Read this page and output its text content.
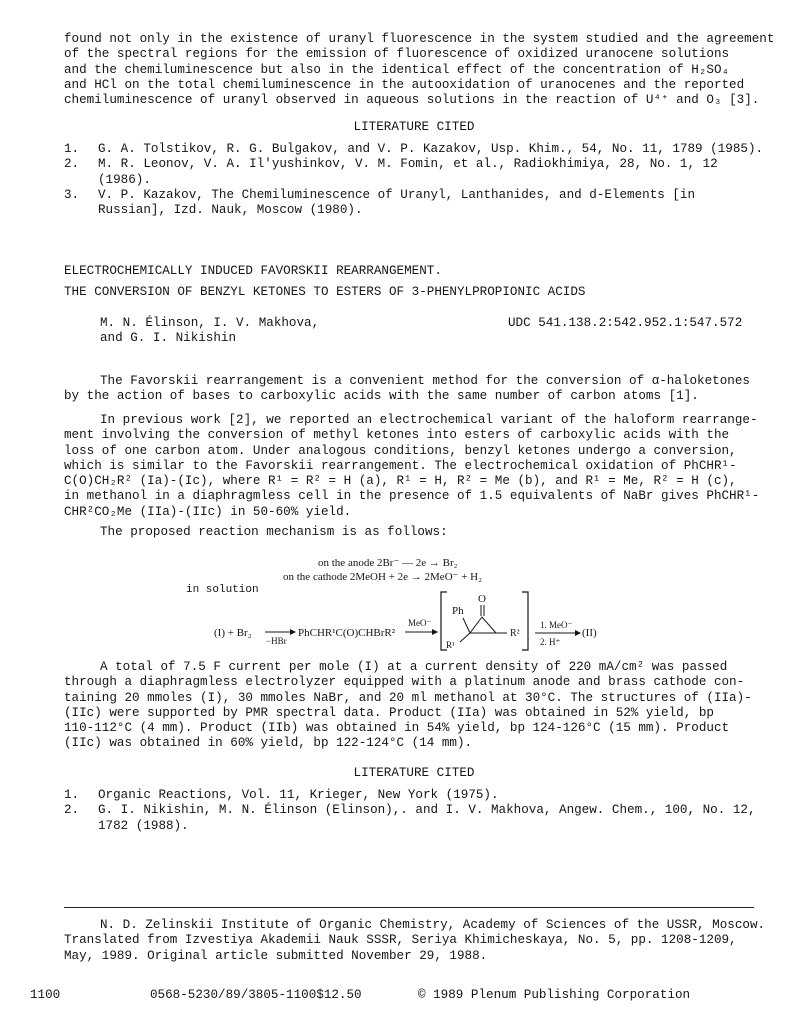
found not only in the existence of uranyl fluorescence in the system studied and the agreement

of the spectral regions for the emission of fluorescence of oxidized uranocene solutions

and the chemiluminescence but also in the identical effect of the concentration of H₂SO₄

and HCl on the total chemiluminescence in the autooxidation of uranocenes and the reported

chemiluminescence of uranyl observed in aqueous solutions in the reaction of U⁴⁺ and O₃ [3].

LITERATURE CITED
1. G. A. Tolstikov, R. G. Bulgakov, and V. P. Kazakov, Usp. Khim., 54, No. 11, 1789 (1985).
2. M. R. Leonov, V. A. Il'yushinkov, V. M. Fomin, et al., Radiokhimiya, 28, No. 1, 12 (1986).
3. V. P. Kazakov, The Chemiluminescence of Uranyl, Lanthanides, and d-Elements [in Russian], Izd. Nauk, Moscow (1980).

ELECTROCHEMICALLY INDUCED FAVORSKII REARRANGEMENT.

THE CONVERSION OF BENZYL KETONES TO ESTERS OF 3-PHENYLPROPIONIC ACIDS

M. N. Élinson, I. V. Makhova,

and G. I. Nikishin

UDC 541.138.2:542.952.1:547.572

The Favorskii rearrangement is a convenient method for the conversion of α-haloketones

by the action of bases to carboxylic acids with the same number of carbon atoms [1].

In previous work [2], we reported an electrochemical variant of the haloform rearrange-

ment involving the conversion of methyl ketones into esters of carboxylic acids with the

loss of one carbon atom. Under analogous conditions, benzyl ketones undergo a conversion,

which is similar to the Favorskii rearrangement. The electrochemical oxidation of PhCHR¹-

C(O)CH₂R² (Ia)-(Ic), where R¹ = R² = H (a), R¹ = H, R² = Me (b), and R¹ = Me, R² = H (c),

in methanol in a diaphragmless cell in the presence of 1.5 equivalents of NaBr gives PhCHR¹-

CHR²CO₂Me (IIa)-(IIc) in 50-60% yield.

The proposed reaction mechanism is as follows:

on the anode 2Br⁻ — 2e → Br₂
on the cathode 2MeOH + 2e → 2MeO⁻ + H₂
in solution
(I) + Br₂
−HBr
PhCHR¹C(O)CHBrR²
MeO⁻
Ph
O
R¹
R²
1. MeO⁻
2. H⁺
(II)

A total of 7.5 F current per mole (I) at a current density of 220 mA/cm² was passed

through a diaphragmless electrolyzer equipped with a platinum anode and brass cathode con-

taining 20 mmoles (I), 30 mmoles NaBr, and 20 ml methanol at 30°C. The structures of (IIa)-

(IIc) were supported by PMR spectral data. Product (IIa) was obtained in 52% yield, bp

110-112°C (4 mm). Product (IIb) was obtained in 54% yield, bp 124-126°C (15 mm). Product

(IIc) was obtained in 60% yield, bp 122-124°C (14 mm).

LITERATURE CITED
1. Organic Reactions, Vol. 11, Krieger, New York (1975).
2. G. I. Nikishin, M. N. Élinson (Elinson),. and I. V. Makhova, Angew. Chem., 100, No. 12, 1782 (1988).

N. D. Zelinskii Institute of Organic Chemistry, Academy of Sciences of the USSR, Moscow.

Translated from Izvestiya Akademii Nauk SSSR, Seriya Khimicheskaya, No. 5, pp. 1208-1209,

May, 1989. Original article submitted November 29, 1988.

1100	0568-5230/89/3805-1100$12.50	© 1989 Plenum Publishing Corporation
